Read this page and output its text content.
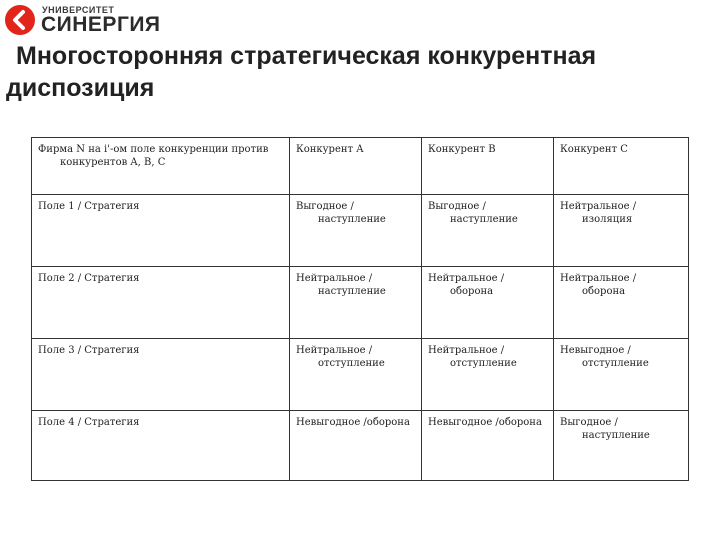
УНИВЕРСИТЕТ
СИНЕРГИЯ
Многосторонняя стратегическая конкурентная
диспозиция
Фирма N на i'-ом поле конкуренции против конкурентов A, B, C	Конкурент A	Конкурент B	Конкурент C

Поле 1 / Стратегия	Выгодное / наступление	Выгодное / наступление	Нейтральное / изоляция

Поле 2 / Стратегия	Нейтральное / наступление	Нейтральное / оборона	Нейтральное / оборона

Поле 3 / Стратегия	Нейтральное / отступление	Нейтральное / отступление	Невыгодное /отступление

Поле 4 / Стратегия	Невыгодное /оборона	Невыгодное /оборона	Выгодное / наступление
